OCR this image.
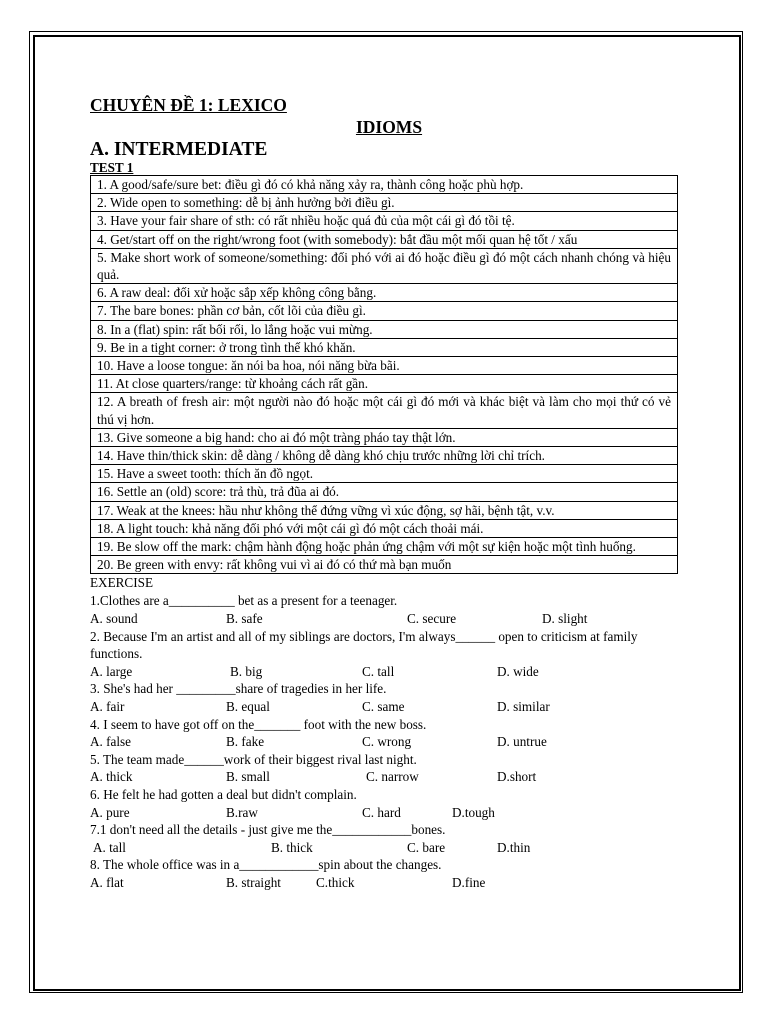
CHUYÊN ĐỀ 1: LEXICO
IDIOMS
A. INTERMEDIATE
TEST 1
1. A good/safe/sure bet: điều gì đó có khả năng xảy ra, thành công hoặc phù hợp.
2. Wide open to something: dễ bị ảnh hưởng bởi điều gì.
3. Have your fair share of sth: có rất nhiều hoặc quá đủ của một cái gì đó tồi tệ.
4. Get/start off on the right/wrong foot (with somebody): bắt đầu một mối quan hệ tốt / xấu
5. Make short work of someone/something: đối phó với ai đó hoặc điều gì đó một cách nhanh chóng và hiệu quả.
6. A raw deal: đối xử hoặc sắp xếp không công bằng.
7. The bare bones: phần cơ bản, cốt lõi của điều gì.
8. In a (flat) spin: rất bối rối, lo lắng hoặc vui mừng.
9. Be in a tight corner: ở trong tình thế khó khăn.
10. Have a loose tongue: ăn nói ba hoa, nói năng bừa bãi.
11. At close quarters/range: từ khoảng cách rất gần.
12. A breath of fresh air: một người nào đó hoặc một cái gì đó mới và khác biệt và làm cho mọi thứ có vẻ thú vị hơn.
13. Give someone a big hand: cho ai đó một tràng pháo tay thật lớn.
14. Have thin/thick skin: dễ dàng / không dễ dàng khó chịu trước những lời chỉ trích.
15. Have a sweet tooth: thích ăn đồ ngọt.
16. Settle an (old) score: trả thù, trả đũa ai đó.
17. Weak at the knees: hầu như không thể đứng vững vì xúc động, sợ hãi, bệnh tật, v.v.
18. A light touch: khả năng đối phó với một cái gì đó một cách thoải mái.
19. Be slow off the mark: chậm hành động hoặc phản ứng chậm với một sự kiện hoặc một tình huống.
20. Be green with envy: rất không vui vì ai đó có thứ mà bạn muốn
EXERCISE
1.Clothes are a__________ bet as a present for a teenager.
A. sound	B. safe	C. secure	D. slight
2. Because I'm an artist and all of my siblings are doctors, I'm always______ open to criticism at family functions.
A. large	B. big	C. tall	D. wide
3. She's had her _________share of tragedies in her life.
A. fair	B. equal	C. same	D. similar
4. I seem to have got off on the_______ foot with the new boss.
A. false	B. fake	C. wrong	D. untrue
5. The team made______work of their biggest rival last night.
A. thick	B. small	C. narrow	D.short
6. He felt he had gotten a deal but didn't complain.
A. pure	B.raw	C. hard	D.tough
7.1 don't need all the details - just give me the____________bones.
A. tall	B. thick	C. bare	D.thin
8. The whole office was in a____________spin about the changes.
A. flat	B. straight	C.thick	D.fine
